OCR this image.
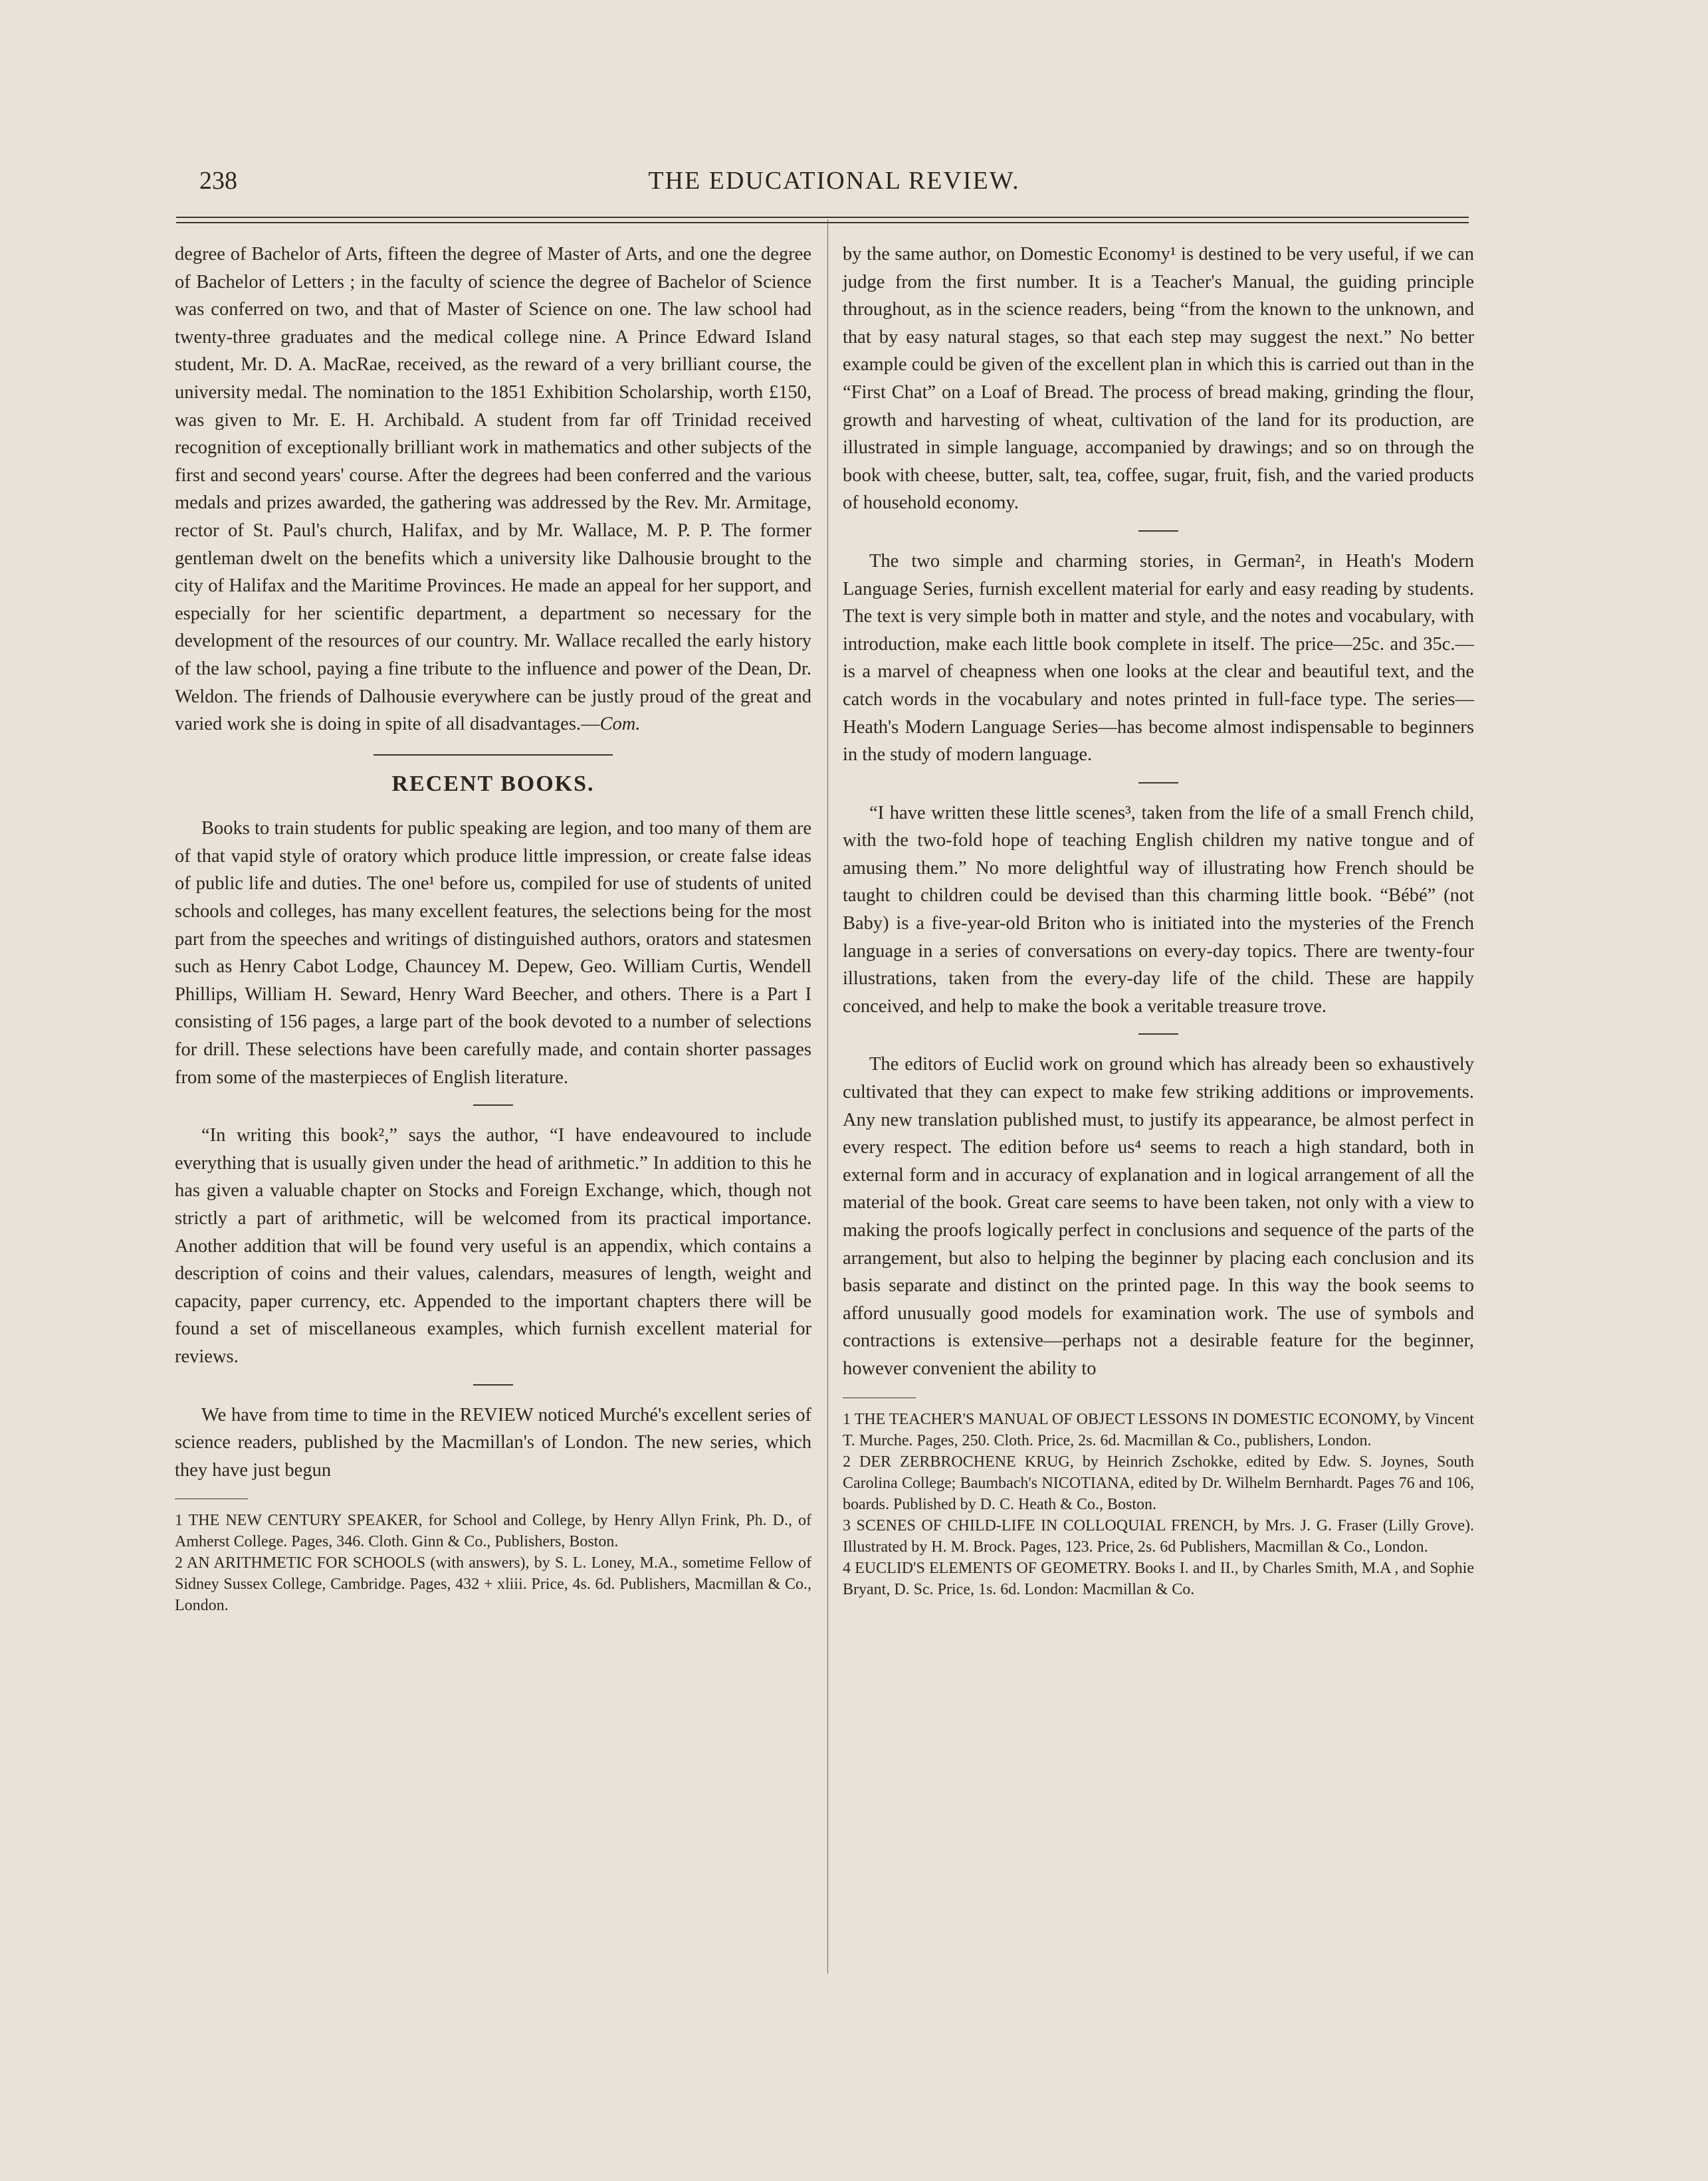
238	THE EDUCATIONAL REVIEW.

degree of Bachelor of Arts, fifteen the degree of Master of Arts, and one the degree of Bachelor of Letters ; in the faculty of science the degree of Bachelor of Science was conferred on two, and that of Master of Science on one. The law school had twenty-three graduates and the medical college nine. A Prince Edward Island student, Mr. D. A. MacRae, received, as the reward of a very brilliant course, the university medal. The nomination to the 1851 Exhibition Scholarship, worth £150, was given to Mr. E. H. Archibald. A student from far off Trinidad received recognition of exceptionally brilliant work in mathematics and other subjects of the first and second years' course. After the degrees had been conferred and the various medals and prizes awarded, the gathering was addressed by the Rev. Mr. Armitage, rector of St. Paul's church, Halifax, and by Mr. Wallace, M. P. P. The former gentleman dwelt on the benefits which a university like Dalhousie brought to the city of Halifax and the Maritime Provinces. He made an appeal for her support, and especially for her scientific department, a department so necessary for the development of the resources of our country. Mr. Wallace recalled the early history of the law school, paying a fine tribute to the influence and power of the Dean, Dr. Weldon. The friends of Dalhousie everywhere can be justly proud of the great and varied work she is doing in spite of all disadvantages.—Com.

RECENT BOOKS.

Books to train students for public speaking are legion, and too many of them are of that vapid style of oratory which produce little impression, or create false ideas of public life and duties. The one¹ before us, compiled for use of students of united schools and colleges, has many excellent features, the selections being for the most part from the speeches and writings of distinguished authors, orators and statesmen such as Henry Cabot Lodge, Chauncey M. Depew, Geo. William Curtis, Wendell Phillips, William H. Seward, Henry Ward Beecher, and others. There is a Part I consisting of 156 pages, a large part of the book devoted to a number of selections for drill. These selections have been carefully made, and contain shorter passages from some of the masterpieces of English literature.

“In writing this book²,” says the author, “I have endeavoured to include everything that is usually given under the head of arithmetic.” In addition to this he has given a valuable chapter on Stocks and Foreign Exchange, which, though not strictly a part of arithmetic, will be welcomed from its practical importance. Another addition that will be found very useful is an appendix, which contains a description of coins and their values, calendars, measures of length, weight and capacity, paper currency, etc. Appended to the important chapters there will be found a set of miscellaneous examples, which furnish excellent material for reviews.

We have from time to time in the REVIEW noticed Murché's excellent series of science readers, published by the Macmillan's of London. The new series, which they have just begun

1 THE NEW CENTURY SPEAKER, for School and College, by Henry Allyn Frink, Ph. D., of Amherst College. Pages, 346. Cloth. Ginn & Co., Publishers, Boston.

2 AN ARITHMETIC FOR SCHOOLS (with answers), by S. L. Loney, M.A., sometime Fellow of Sidney Sussex College, Cambridge. Pages, 432 + xliii. Price, 4s. 6d. Publishers, Macmillan & Co., London.

by the same author, on Domestic Economy¹ is destined to be very useful, if we can judge from the first number. It is a Teacher's Manual, the guiding principle throughout, as in the science readers, being “from the known to the unknown, and that by easy natural stages, so that each step may suggest the next.” No better example could be given of the excellent plan in which this is carried out than in the “First Chat” on a Loaf of Bread. The process of bread making, grinding the flour, growth and harvesting of wheat, cultivation of the land for its production, are illustrated in simple language, accompanied by drawings; and so on through the book with cheese, butter, salt, tea, coffee, sugar, fruit, fish, and the varied products of household economy.

The two simple and charming stories, in German², in Heath's Modern Language Series, furnish excellent material for early and easy reading by students. The text is very simple both in matter and style, and the notes and vocabulary, with introduction, make each little book complete in itself. The price—25c. and 35c.—is a marvel of cheapness when one looks at the clear and beautiful text, and the catch words in the vocabulary and notes printed in full-face type. The series—Heath's Modern Language Series—has become almost indispensable to beginners in the study of modern language.

“I have written these little scenes³, taken from the life of a small French child, with the two-fold hope of teaching English children my native tongue and of amusing them.” No more delightful way of illustrating how French should be taught to children could be devised than this charming little book. “Bébé” (not Baby) is a five-year-old Briton who is initiated into the mysteries of the French language in a series of conversations on every-day topics. There are twenty-four illustrations, taken from the every-day life of the child. These are happily conceived, and help to make the book a veritable treasure trove.

The editors of Euclid work on ground which has already been so exhaustively cultivated that they can expect to make few striking additions or improvements. Any new translation published must, to justify its appearance, be almost perfect in every respect. The edition before us⁴ seems to reach a high standard, both in external form and in accuracy of explanation and in logical arrangement of all the material of the book. Great care seems to have been taken, not only with a view to making the proofs logically perfect in conclusions and sequence of the parts of the arrangement, but also to helping the beginner by placing each conclusion and its basis separate and distinct on the printed page. In this way the book seems to afford unusually good models for examination work. The use of symbols and contractions is extensive—perhaps not a desirable feature for the beginner, however convenient the ability to

1 THE TEACHER'S MANUAL OF OBJECT LESSONS IN DOMESTIC ECONOMY, by Vincent T. Murche. Pages, 250. Cloth. Price, 2s. 6d. Macmillan & Co., publishers, London.

2 DER ZERBROCHENE KRUG, by Heinrich Zschokke, edited by Edw. S. Joynes, South Carolina College; Baumbach's NICOTIANA, edited by Dr. Wilhelm Bernhardt. Pages 76 and 106, boards. Published by D. C. Heath & Co., Boston.

3 SCENES OF CHILD-LIFE IN COLLOQUIAL FRENCH, by Mrs. J. G. Fraser (Lilly Grove). Illustrated by H. M. Brock. Pages, 123. Price, 2s. 6d Publishers, Macmillan & Co., London.

4 EUCLID'S ELEMENTS OF GEOMETRY. Books I. and II., by Charles Smith, M.A , and Sophie Bryant, D. Sc. Price, 1s. 6d. London: Macmillan & Co.
